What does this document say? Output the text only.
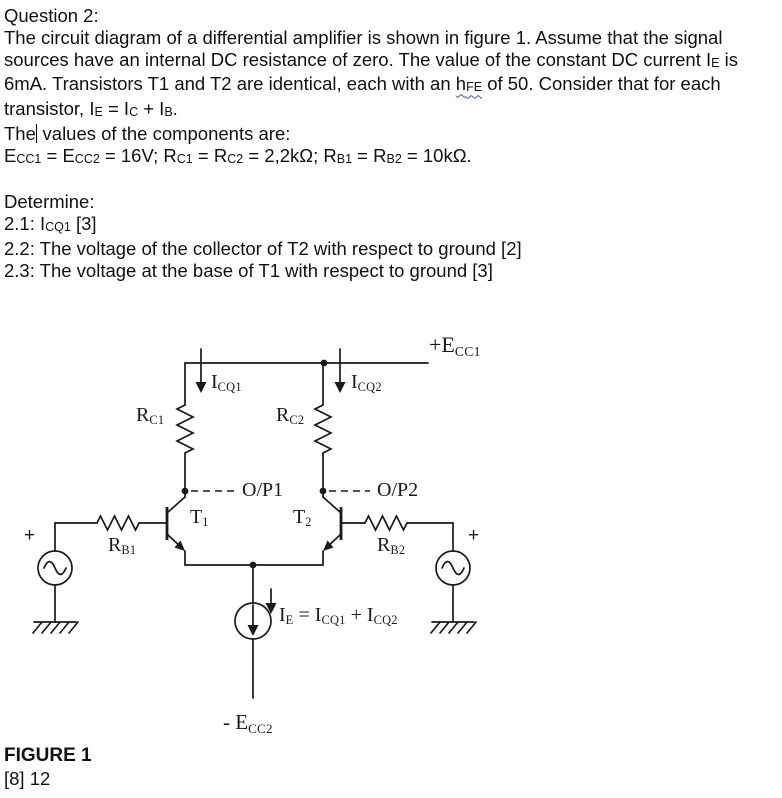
Question 2:
The circuit diagram of a differential amplifier is shown in figure 1. Assume that the signal
sources have an internal DC resistance of zero. The value of the constant DC current IE is
6mA. Transistors T1 and T2 are identical, each with an hFE of 50. Consider that for each
transistor, IE = IC + IB.
The values of the components are:
ECC1 = ECC2 = 16V; RC1 = RC2 = 2,2kΩ; RB1 = RB2 = 10kΩ.

Determine:
2.1: ICQ1 [3]
2.2: The voltage of the collector of T2 with respect to ground [2]
2.3: The voltage at the base of T1 with respect to ground [3]
+ECC1
ICQ1	ICQ2
RC1	RC2
O/P1	O/P2
T1	T2
RB1	RB2
+	+
IE = ICQ1 + ICQ2
- ECC2
FIGURE 1
[8] 12
